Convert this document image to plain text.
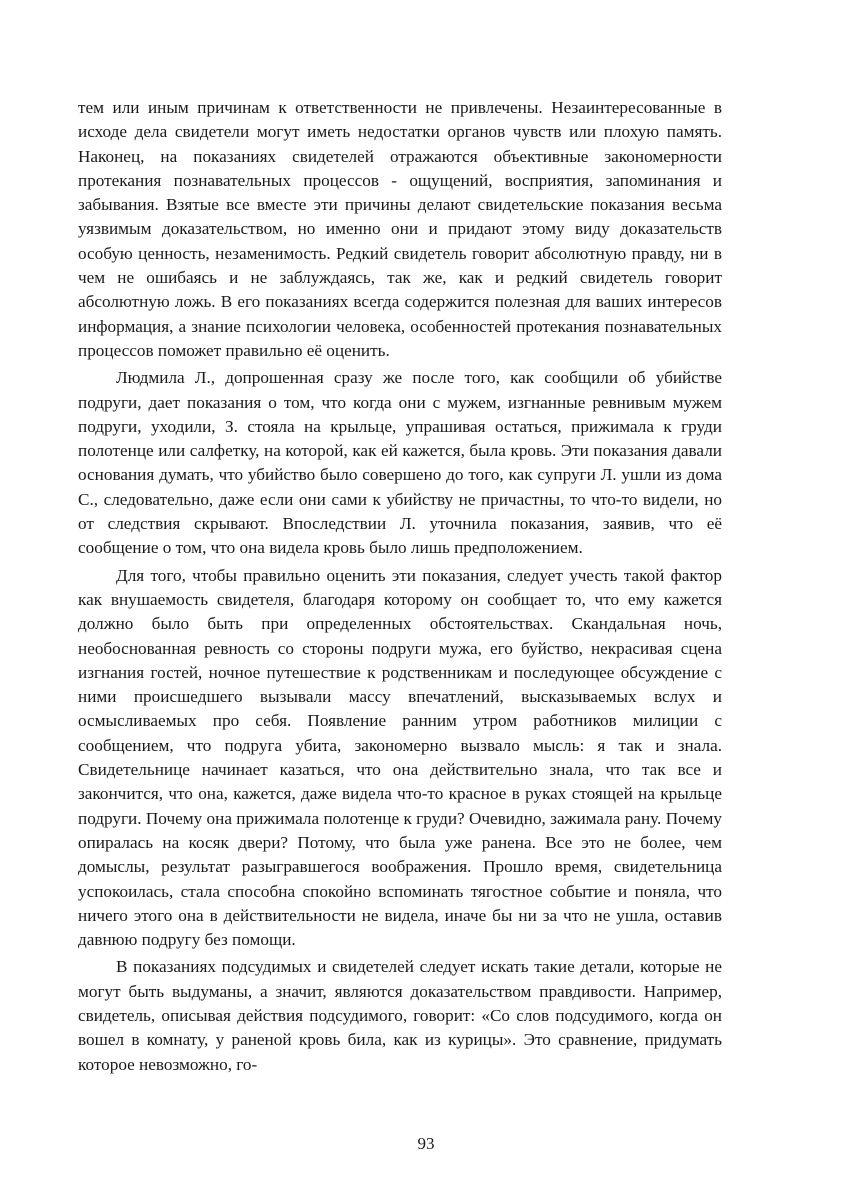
тем или иным причинам к ответственности не привлечены. Незаинтересованные в исходе дела свидетели могут иметь недостатки органов чувств или плохую память. Наконец, на показаниях свидетелей отражаются объективные закономерности протекания познавательных процессов - ощущений, восприятия, запоминания и забывания. Взятые все вместе эти причины делают свидетельские показания весьма уязвимым доказательством, но именно они и придают этому виду доказательств особую ценность, незаменимость. Редкий свидетель говорит абсолютную правду, ни в чем не ошибаясь и не заблуждаясь, так же, как и редкий свидетель говорит абсолютную ложь. В его показаниях всегда содержится полезная для ваших интересов информация, а знание психологии человека, особенностей протекания познавательных процессов поможет правильно её оценить.

Людмила Л., допрошенная сразу же после того, как сообщили об убийстве подруги, дает показания о том, что когда они с мужем, изгнанные ревнивым мужем подруги, уходили, З. стояла на крыльце, упрашивая остаться, прижимала к груди полотенце или салфетку, на которой, как ей кажется, была кровь. Эти показания давали основания думать, что убийство было совершено до того, как супруги Л. ушли из дома С., следовательно, даже если они сами к убийству не причастны, то что-то видели, но от следствия скрывают. Впоследствии Л. уточнила показания, заявив, что её сообщение о том, что она видела кровь было лишь предположением.

Для того, чтобы правильно оценить эти показания, следует учесть такой фактор как внушаемость свидетеля, благодаря которому он сообщает то, что ему кажется должно было быть при определенных обстоятельствах. Скандальная ночь, необоснованная ревность со стороны подруги мужа, его буйство, некрасивая сцена изгнания гостей, ночное путешествие к родственникам и последующее обсуждение с ними происшедшего вызывали массу впечатлений, высказываемых вслух и осмысливаемых про себя. Появление ранним утром работников милиции с сообщением, что подруга убита, закономерно вызвало мысль: я так и знала. Свидетельнице начинает казаться, что она действительно знала, что так все и закончится, что она, кажется, даже видела что-то красное в руках стоящей на крыльце подруги. Почему она прижимала полотенце к груди? Очевидно, зажимала рану. Почему опиралась на косяк двери? Потому, что была уже ранена. Все это не более, чем домыслы, результат разыгравшегося воображения. Прошло время, свидетельница успокоилась, стала способна спокойно вспоминать тягостное событие и поняла, что ничего этого она в действительности не видела, иначе бы ни за что не ушла, оставив давнюю подругу без помощи.

В показаниях подсудимых и свидетелей следует искать такие детали, которые не могут быть выдуманы, а значит, являются доказательством правдивости. Например, свидетель, описывая действия подсудимого, говорит: «Со слов подсудимого, когда он вошел в комнату, у раненой кровь била, как из курицы». Это сравнение, придумать которое невозможно, го-

93
